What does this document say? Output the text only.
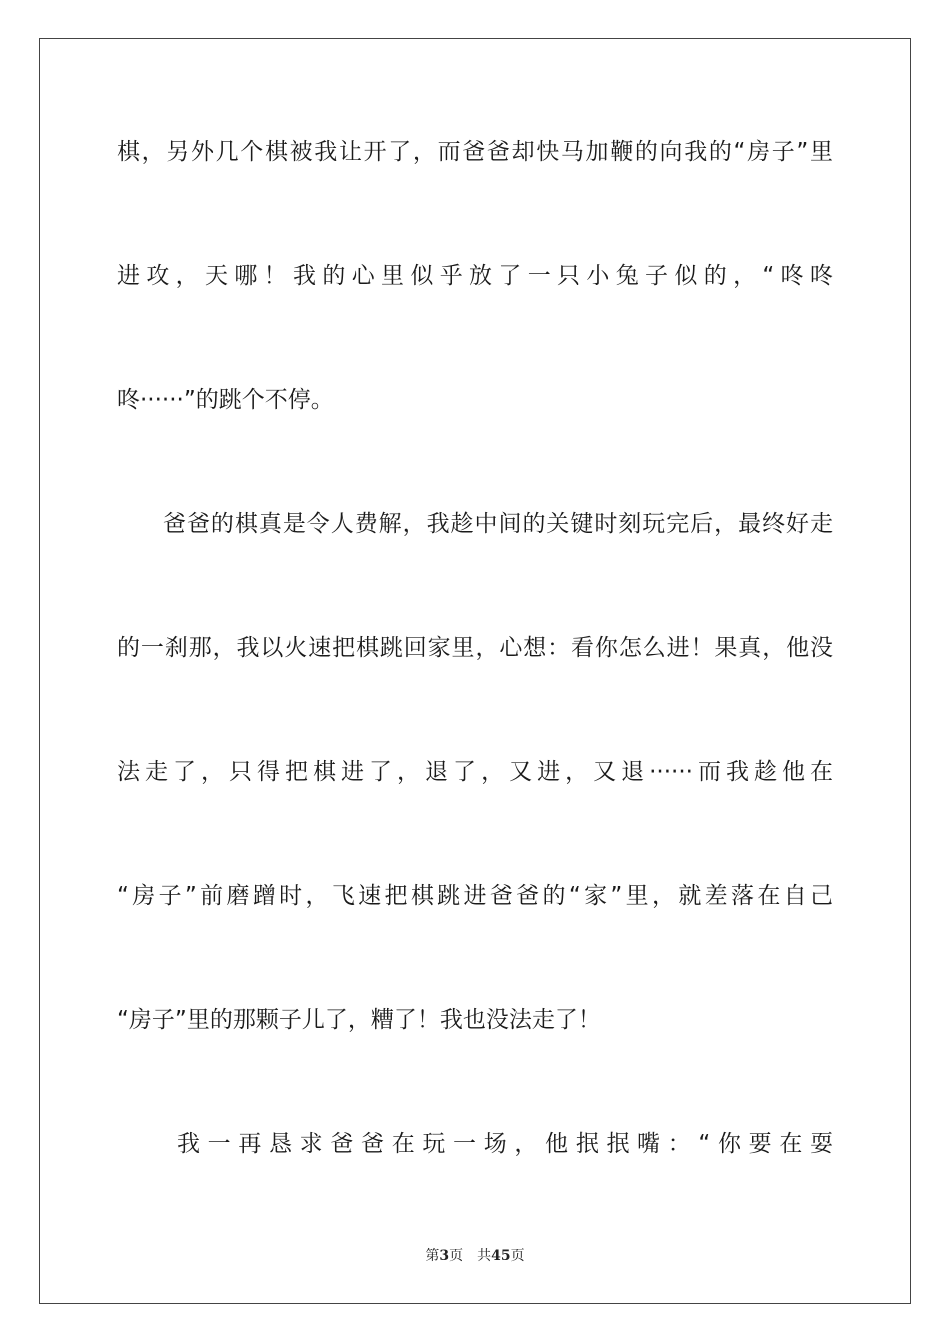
棋，另外几个棋被我让开了，而爸爸却快马加鞭的向我的“房子”里
进攻，天哪！我的心里似乎放了一只小兔子似的，“咚咚
咚······”的跳个不停。
爸爸的棋真是令人费解，我趁中间的关键时刻玩完后，最终好走
的一刹那，我以火速把棋跳回家里，心想：看你怎么进！果真，他没
法走了，只得把棋进了，退了，又进，又退······而我趁他在
“房子”前磨蹭时，飞速把棋跳进爸爸的“家”里，就差落在自己
“房子”里的那颗子儿了，糟了！我也没法走了！
我一再恳求爸爸在玩一场，他抿抿嘴：“你要在耍
第3页 共45页
